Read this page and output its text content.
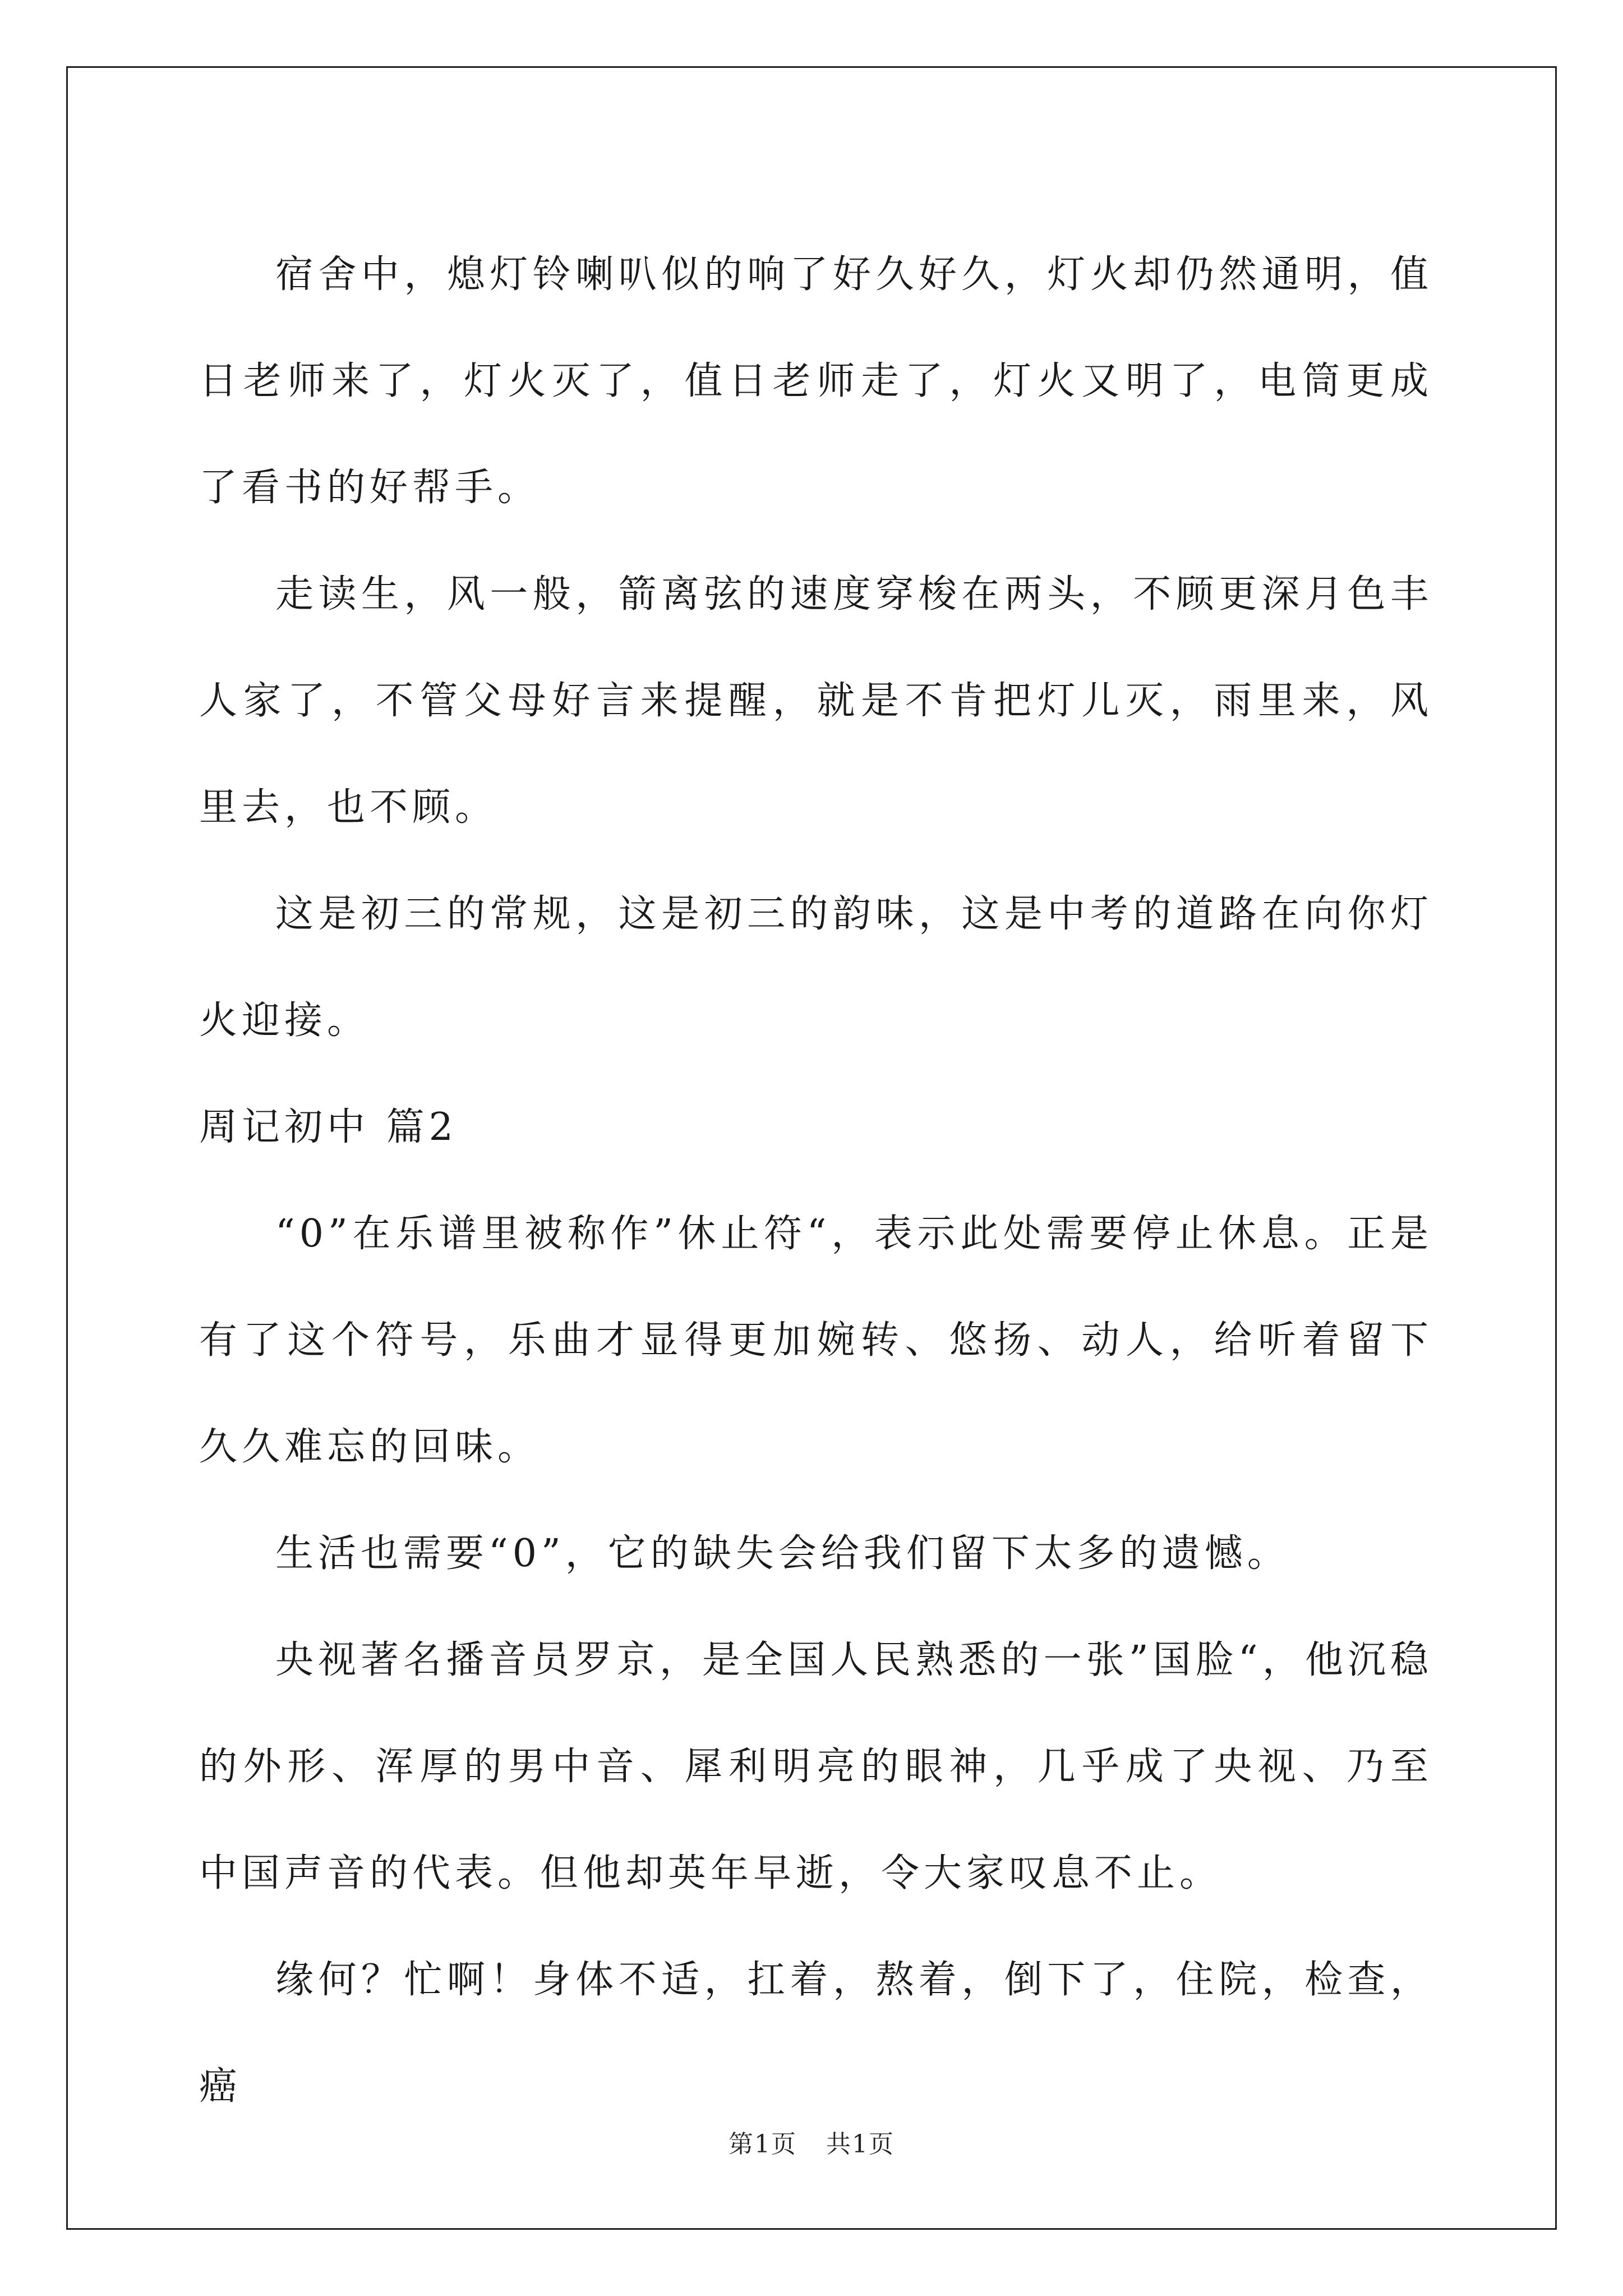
宿舍中，熄灯铃喇叭似的响了好久好久，灯火却仍然通明，值日老师来了，灯火灭了，值日老师走了，灯火又明了，电筒更成了看书的好帮手。

走读生，风一般，箭离弦的速度穿梭在两头，不顾更深月色丰人家了，不管父母好言来提醒，就是不肯把灯儿灭，雨里来，风里去，也不顾。

这是初三的常规，这是初三的韵味，这是中考的道路在向你灯火迎接。

周记初中 篇2

“0”在乐谱里被称作”休止符“，表示此处需要停止休息。正是有了这个符号，乐曲才显得更加婉转、悠扬、动人，给听着留下久久难忘的回味。

生活也需要“0”，它的缺失会给我们留下太多的遗憾。

央视著名播音员罗京，是全国人民熟悉的一张”国脸“，他沉稳的外形、浑厚的男中音、犀利明亮的眼神，几乎成了央视、乃至中国声音的代表。但他却英年早逝，令大家叹息不止。

缘何？忙啊！身体不适，扛着，熬着，倒下了，住院，检查，癌

第1页 共1页
